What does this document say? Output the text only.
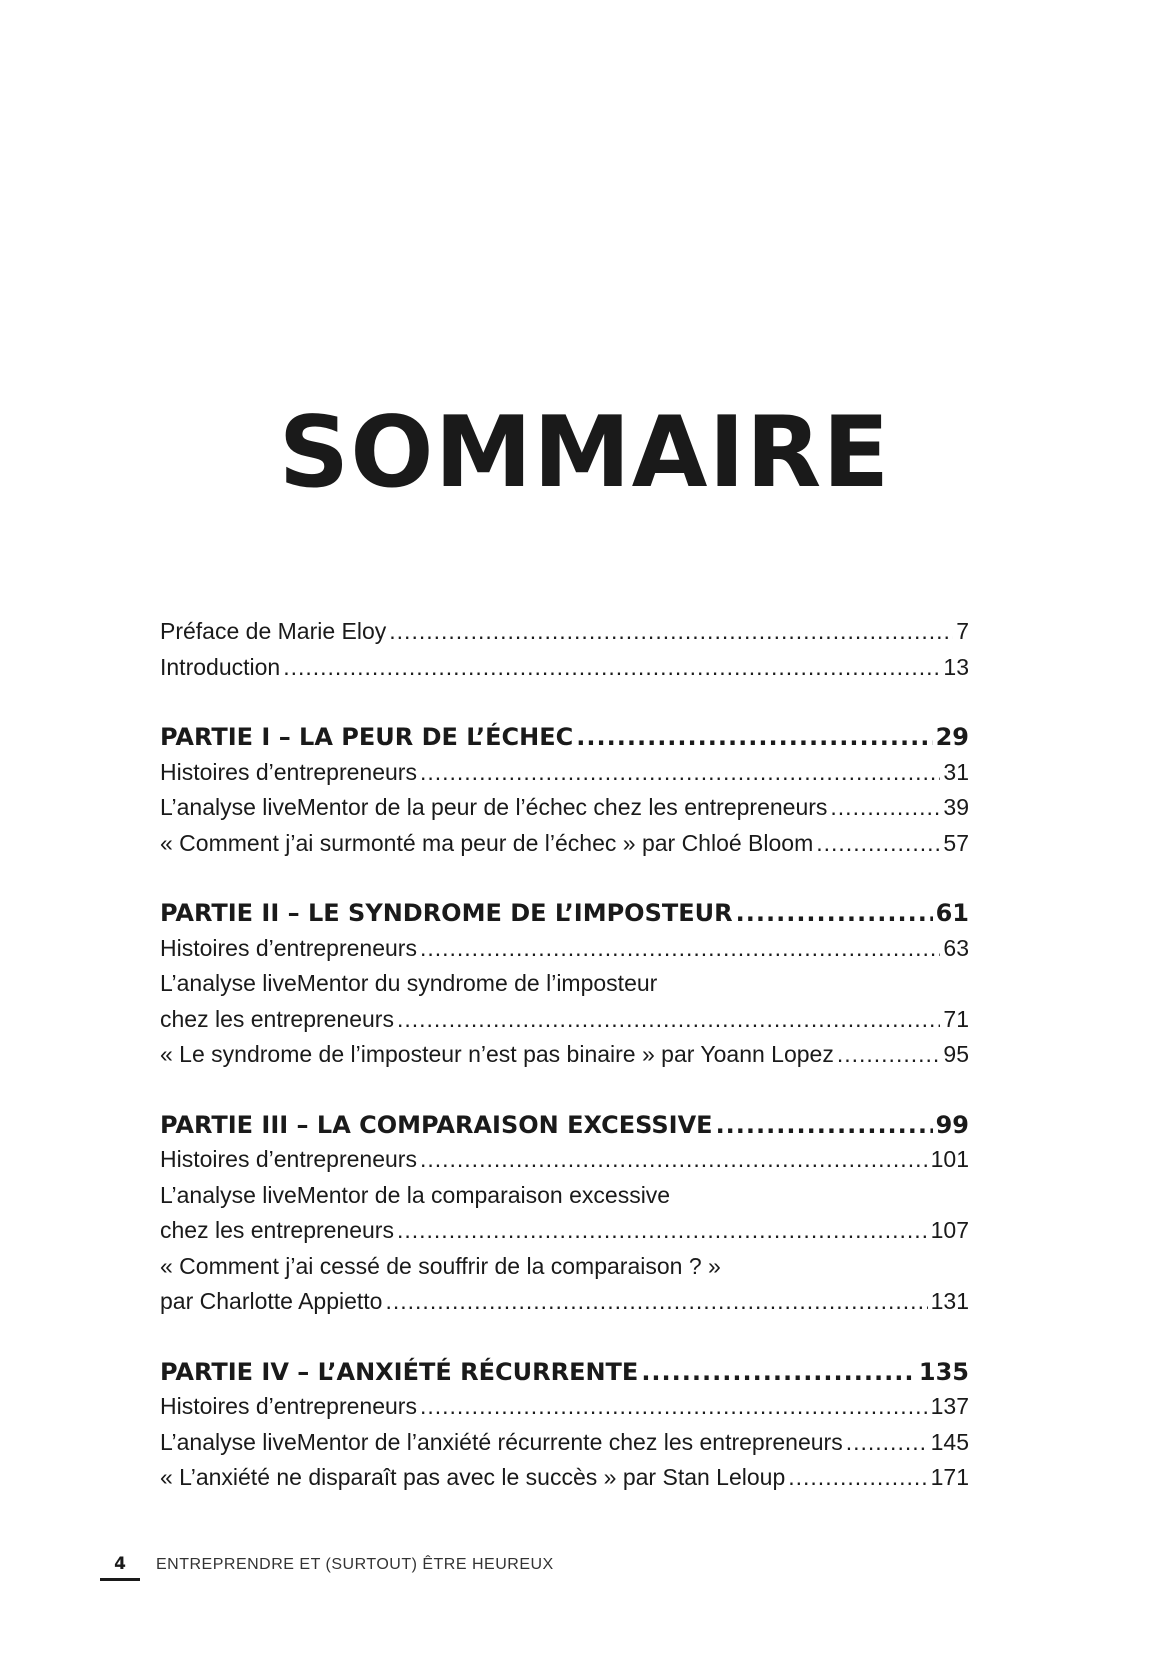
SOMMAIRE
Préface de Marie Eloy .....	7
Introduction .....	13
PARTIE I – LA PEUR DE L’ÉCHEC .....	29
Histoires d’entrepreneurs .....	31
L’analyse liveMentor de la peur de l’échec chez les entrepreneurs .....	39
« Comment j’ai surmonté ma peur de l’échec » par Chloé Bloom .....	57
PARTIE II – LE SYNDROME DE L’IMPOSTEUR .....	61
Histoires d’entrepreneurs .....	63
L’analyse liveMentor du syndrome de l’imposteur
chez les entrepreneurs .....	71
« Le syndrome de l’imposteur n’est pas binaire » par Yoann Lopez .....	95
PARTIE III – LA COMPARAISON EXCESSIVE .....	99
Histoires d’entrepreneurs .....	101
L’analyse liveMentor de la comparaison excessive
chez les entrepreneurs .....	107
« Comment j’ai cessé de souffrir de la comparaison ? »
par Charlotte Appietto .....	131
PARTIE IV – L’ANXIÉTÉ RÉCURRENTE .....	135
Histoires d’entrepreneurs .....	137
L’analyse liveMentor de l’anxiété récurrente chez les entrepreneurs .....	145
« L’anxiété ne disparaît pas avec le succès » par Stan Leloup .....	171
4	ENTREPRENDRE ET (SURTOUT) ÊTRE HEUREUX
